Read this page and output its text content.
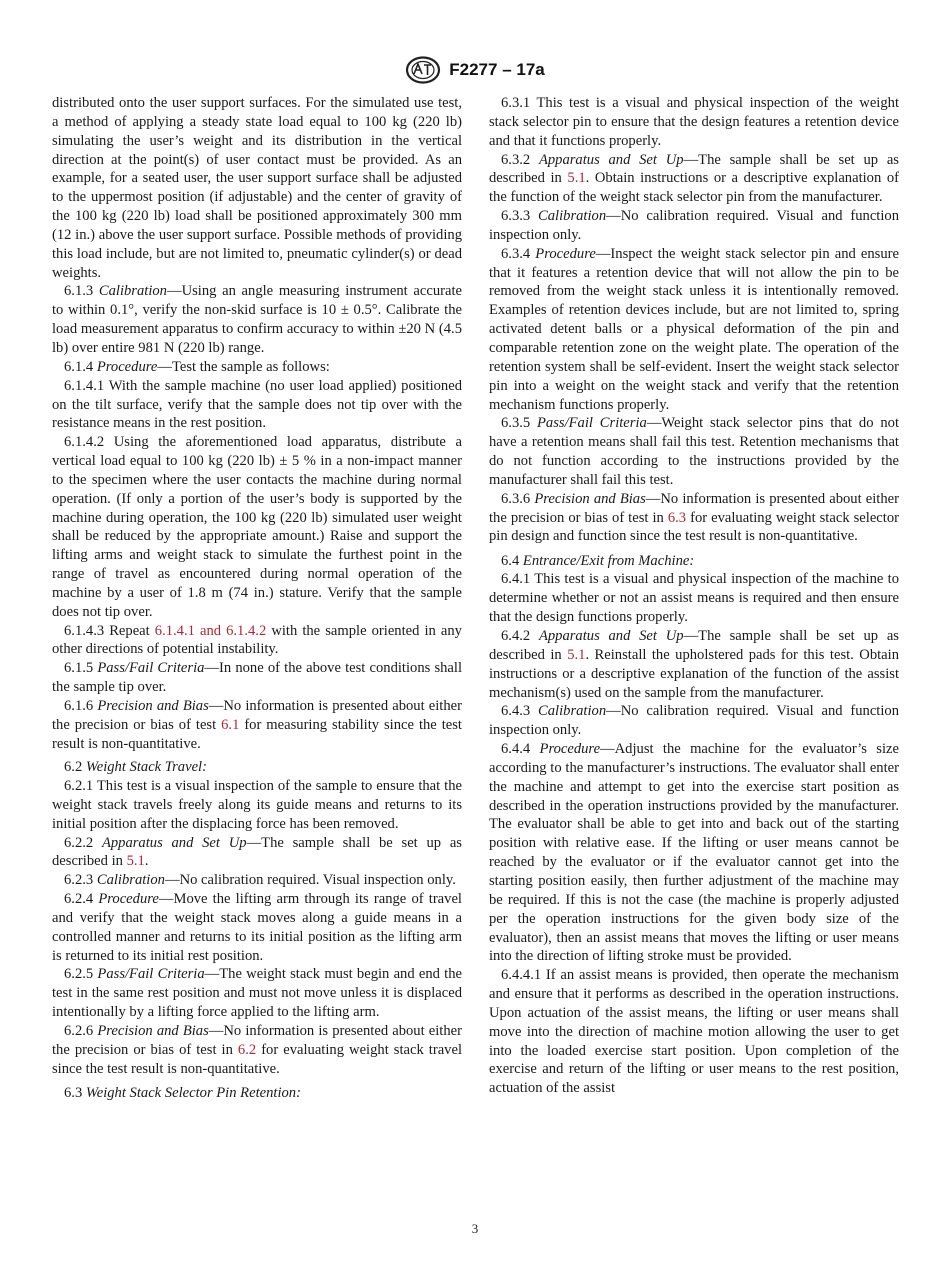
F2277 – 17a

distributed onto the user support surfaces. For the simulated use test, a method of applying a steady state load equal to 100 kg (220 lb) simulating the user’s weight and its distribution in the vertical direction at the point(s) of user contact must be provided. As an example, for a seated user, the user support surface shall be adjusted to the uppermost position (if adjustable) and the center of gravity of the 100 kg (220 lb) load shall be positioned approximately 300 mm (12 in.) above the user support surface. Possible methods of providing this load include, but are not limited to, pneumatic cylinder(s) or dead weights.

6.1.3 Calibration—Using an angle measuring instrument accurate to within 0.1°, verify the non-skid surface is 10 ± 0.5°. Calibrate the load measurement apparatus to confirm accuracy to within ±20 N (4.5 lb) over entire 981 N (220 lb) range.

6.1.4 Procedure—Test the sample as follows:

6.1.4.1 With the sample machine (no user load applied) positioned on the tilt surface, verify that the sample does not tip over with the resistance means in the rest position.

6.1.4.2 Using the aforementioned load apparatus, distribute a vertical load equal to 100 kg (220 lb) ± 5 % in a non-impact manner to the specimen where the user contacts the machine during normal operation. (If only a portion of the user’s body is supported by the machine during operation, the 100 kg (220 lb) simulated user weight shall be reduced by the appropriate amount.) Raise and support the lifting arms and weight stack to simulate the furthest point in the range of travel as encountered during normal operation of the machine by a user of 1.8 m (74 in.) stature. Verify that the sample does not tip over.

6.1.4.3 Repeat 6.1.4.1 and 6.1.4.2 with the sample oriented in any other directions of potential instability.

6.1.5 Pass/Fail Criteria—In none of the above test conditions shall the sample tip over.

6.1.6 Precision and Bias—No information is presented about either the precision or bias of test 6.1 for measuring stability since the test result is non-quantitative.

6.2 Weight Stack Travel:

6.2.1 This test is a visual inspection of the sample to ensure that the weight stack travels freely along its guide means and returns to its initial position after the displacing force has been removed.

6.2.2 Apparatus and Set Up—The sample shall be set up as described in 5.1.

6.2.3 Calibration—No calibration required. Visual inspection only.

6.2.4 Procedure—Move the lifting arm through its range of travel and verify that the weight stack moves along a guide means in a controlled manner and returns to its initial position as the lifting arm is returned to its initial rest position.

6.2.5 Pass/Fail Criteria—The weight stack must begin and end the test in the same rest position and must not move unless it is displaced intentionally by a lifting force applied to the lifting arm.

6.2.6 Precision and Bias—No information is presented about either the precision or bias of test in 6.2 for evaluating weight stack travel since the test result is non-quantitative.

6.3 Weight Stack Selector Pin Retention:

6.3.1 This test is a visual and physical inspection of the weight stack selector pin to ensure that the design features a retention device and that it functions properly.

6.3.2 Apparatus and Set Up—The sample shall be set up as described in 5.1. Obtain instructions or a descriptive explanation of the function of the weight stack selector pin from the manufacturer.

6.3.3 Calibration—No calibration required. Visual and function inspection only.

6.3.4 Procedure—Inspect the weight stack selector pin and ensure that it features a retention device that will not allow the pin to be removed from the weight stack unless it is intentionally removed. Examples of retention devices include, but are not limited to, spring activated detent balls or a physical deformation of the pin and comparable retention zone on the weight plate. The operation of the retention system shall be self-evident. Insert the weight stack selector pin into a weight on the weight stack and verify that the retention mechanism functions properly.

6.3.5 Pass/Fail Criteria—Weight stack selector pins that do not have a retention means shall fail this test. Retention mechanisms that do not function according to the instructions provided by the manufacturer shall fail this test.

6.3.6 Precision and Bias—No information is presented about either the precision or bias of test in 6.3 for evaluating weight stack selector pin design and function since the test result is non-quantitative.

6.4 Entrance/Exit from Machine:

6.4.1 This test is a visual and physical inspection of the machine to determine whether or not an assist means is required and then ensure that the design functions properly.

6.4.2 Apparatus and Set Up—The sample shall be set up as described in 5.1. Reinstall the upholstered pads for this test. Obtain instructions or a descriptive explanation of the function of the assist mechanism(s) used on the sample from the manufacturer.

6.4.3 Calibration—No calibration required. Visual and function inspection only.

6.4.4 Procedure—Adjust the machine for the evaluator’s size according to the manufacturer’s instructions. The evaluator shall enter the machine and attempt to get into the exercise start position as described in the operation instructions provided by the manufacturer. The evaluator shall be able to get into and back out of the starting position with relative ease. If the lifting or user means cannot be reached by the evaluator or if the evaluator cannot get into the starting position easily, then further adjustment of the machine may be required. If this is not the case (the machine is properly adjusted per the operation instructions for the given body size of the evaluator), then an assist means that moves the lifting or user means into the direction of lifting stroke must be provided.

6.4.4.1 If an assist means is provided, then operate the mechanism and ensure that it performs as described in the operation instructions. Upon actuation of the assist means, the lifting or user means shall move into the direction of machine motion allowing the user to get into the loaded exercise start position. Upon completion of the exercise and return of the lifting or user means to the rest position, actuation of the assist

3
